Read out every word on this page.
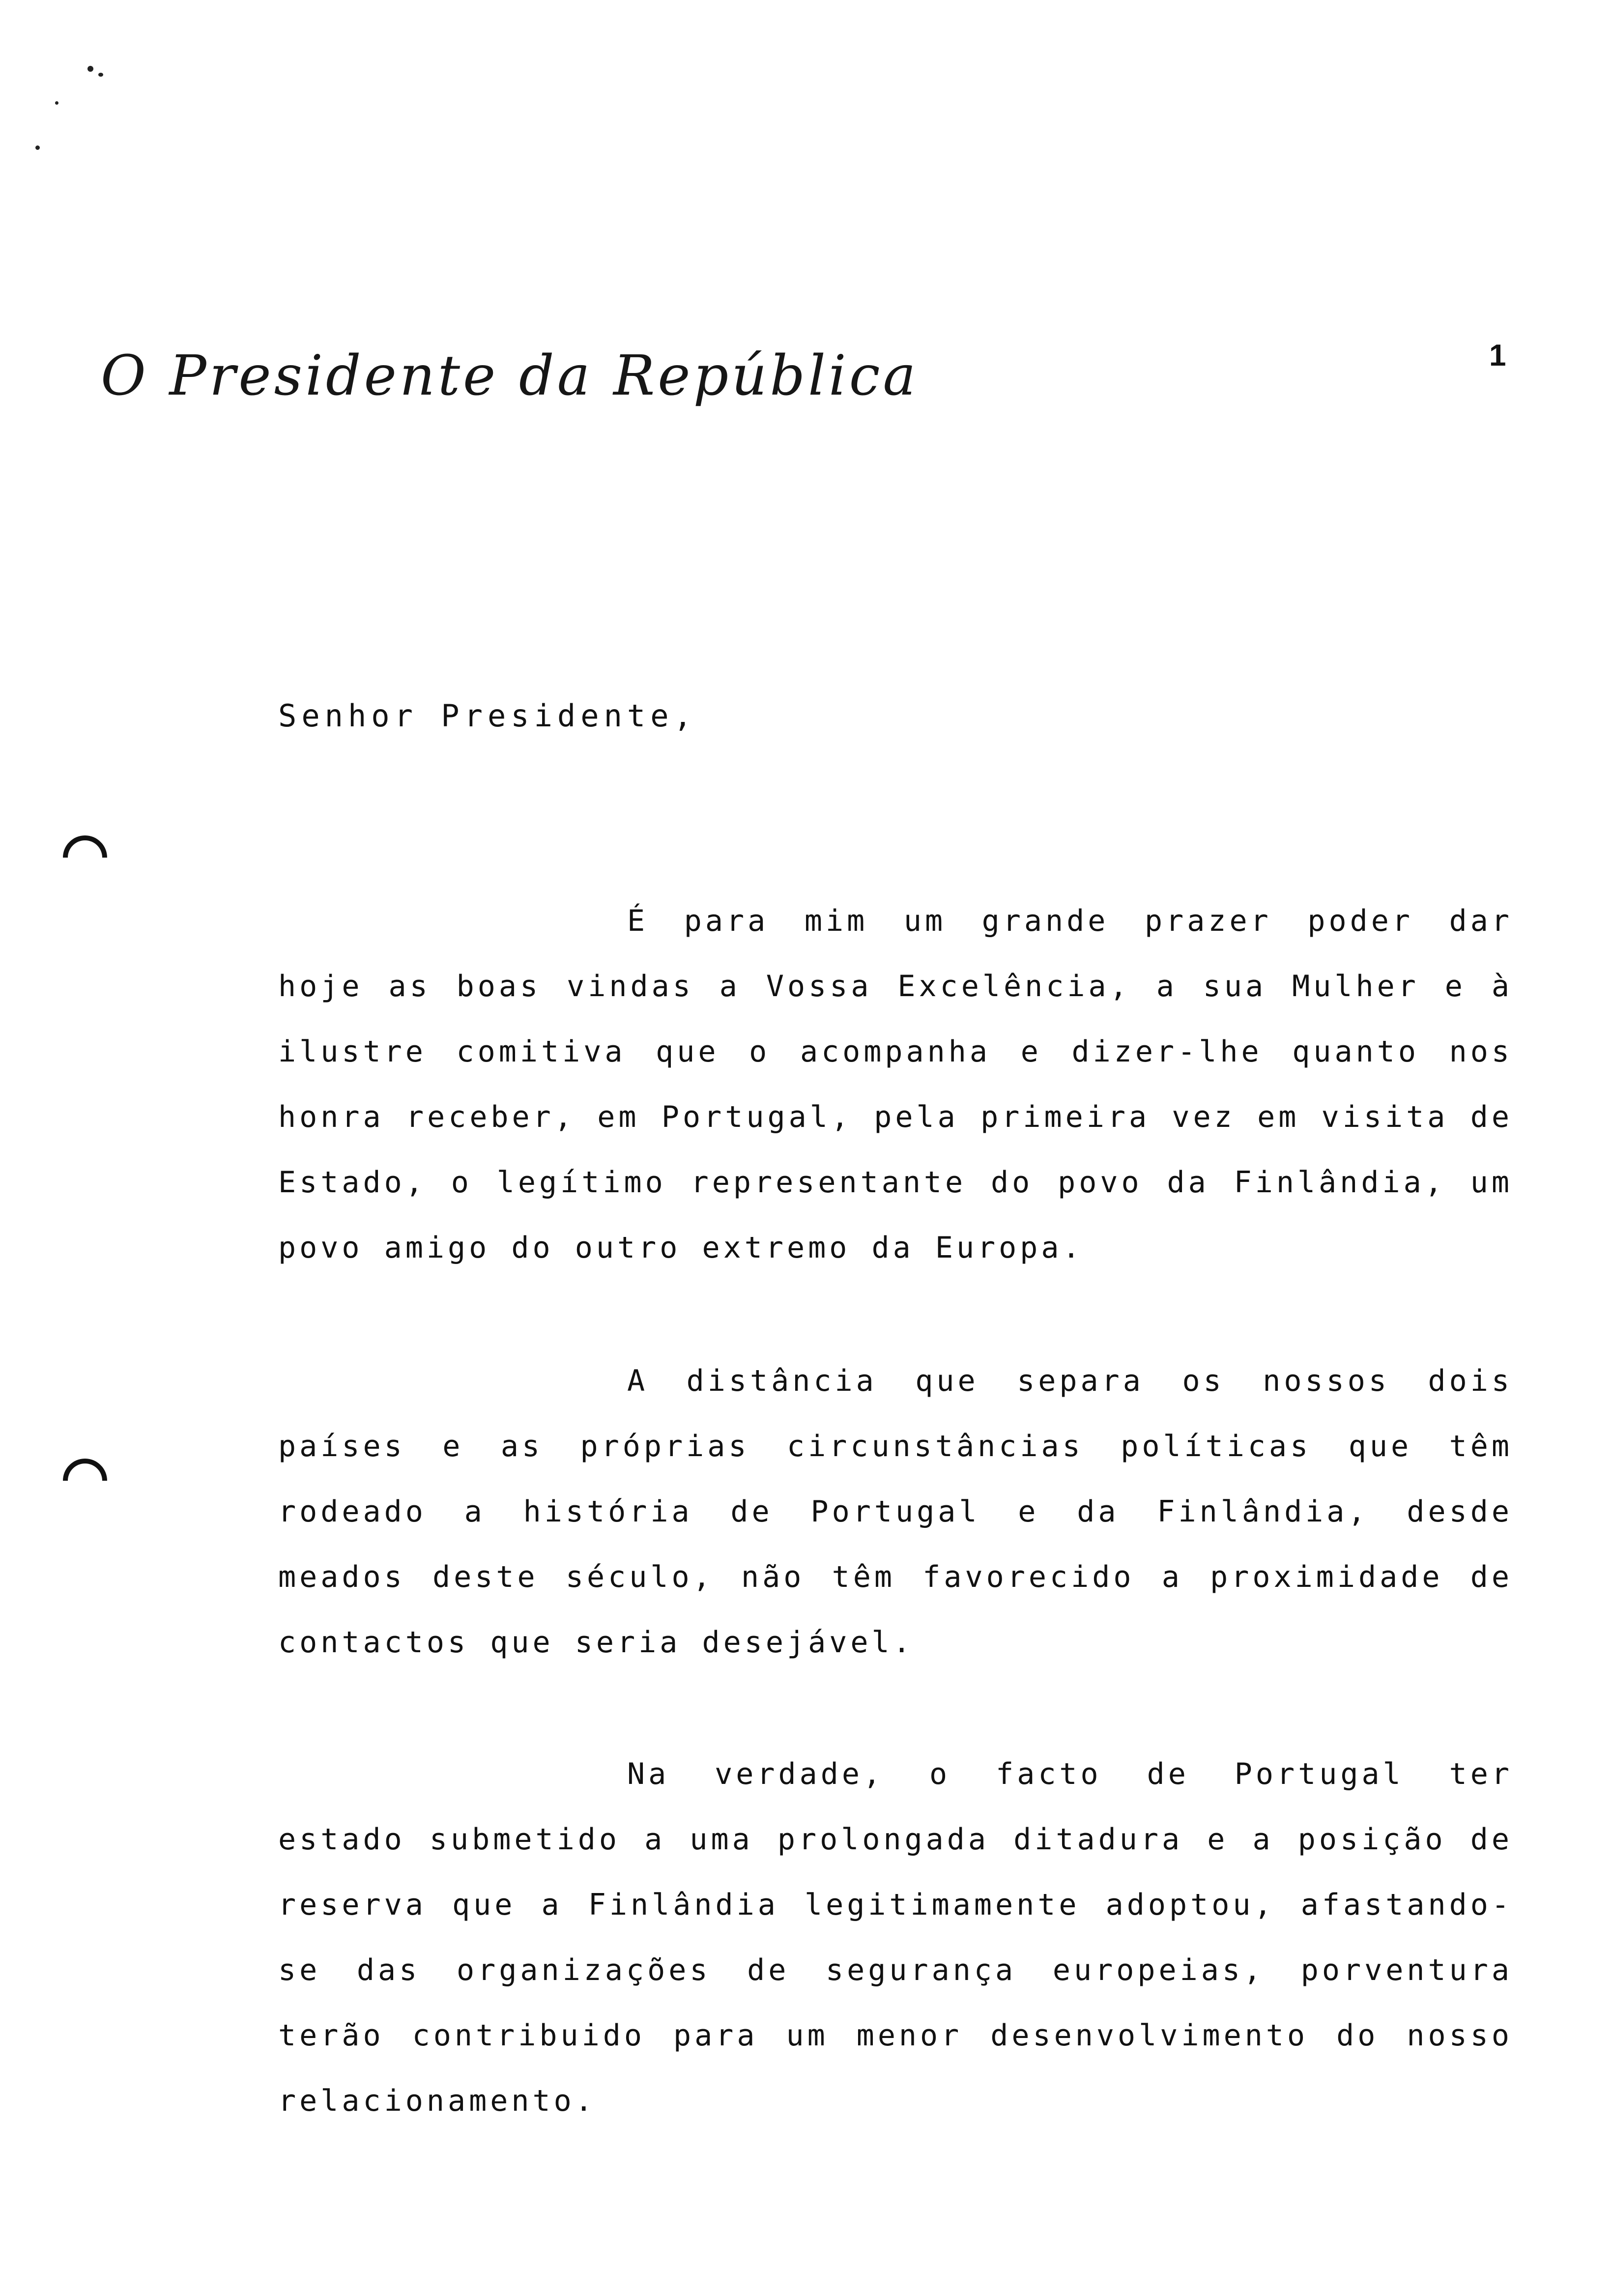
O Presidente da República	1
Senhor Presidente,

É para mim um grande prazer poder dar hoje as boas vindas a Vossa Excelência, a sua Mulher e à ilustre comitiva que o acompanha e dizer-lhe quanto nos honra receber, em Portugal, pela primeira vez em visita de Estado, o legítimo representante do povo da Finlândia, um povo amigo do outro extremo da Europa.

A distância que separa os nossos dois países e as próprias circunstâncias políticas que têm rodeado a história de Portugal e da Finlândia, desde meados deste século, não têm favorecido a proximidade de contactos que seria desejável.

Na verdade, o facto de Portugal ter estado submetido a uma prolongada ditadura e a posição de reserva que a Finlândia legitimamente adoptou, afastando-se das organizações de segurança europeias, porventura terão contribuido para um menor desenvolvimento do nosso relacionamento.
